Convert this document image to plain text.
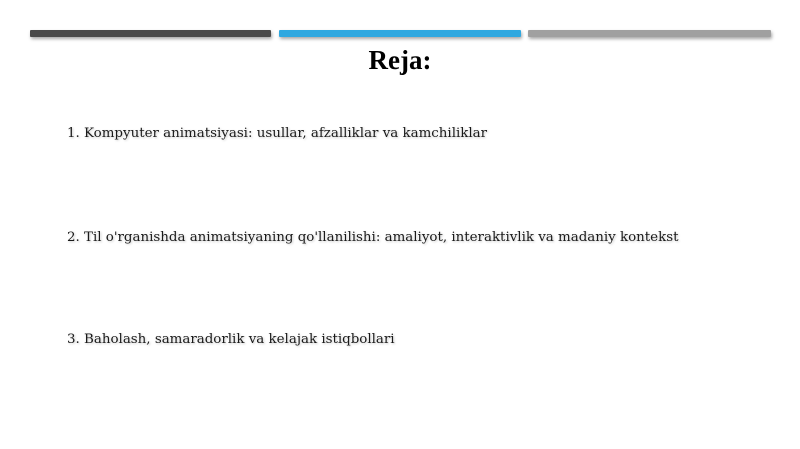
Reja:

1. Kompyuter animatsiyasi: usullar, afzalliklar va kamchiliklar

2. Til o'rganishda animatsiyaning qo'llanilishi: amaliyot, interaktivlik va madaniy kontekst

3. Baholash, samaradorlik va kelajak istiqbollari
